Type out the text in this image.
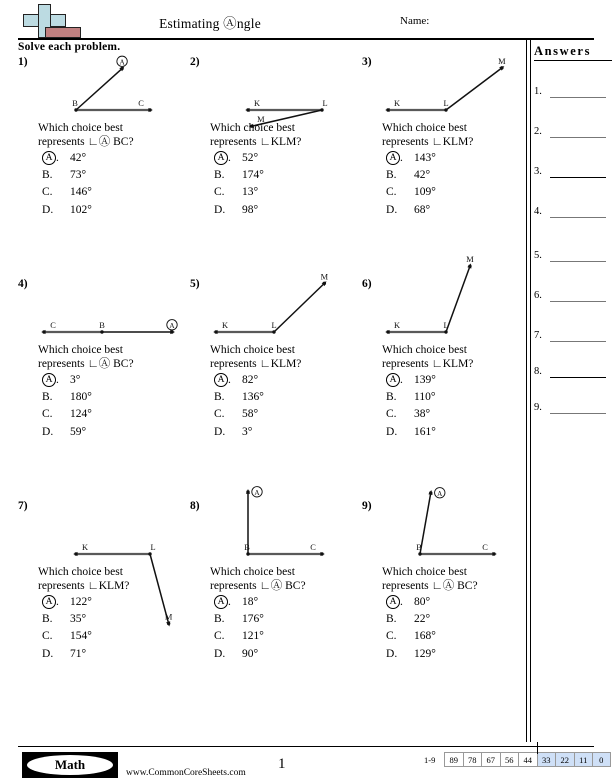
Estimating Ⓐngle	Name:
Solve each problem.
1)
B	C
A
Which choice best
represents ∟Ⓐ BC?
A . 42°
B. 73°
C. 146°
D. 102°
2)
L
K
M
Which choice best
represents ∟KLM?
A . 52°
B. 174°
C. 13°
D. 98°
3)
L
K
M
Which choice best
represents ∟KLM?
A . 143°
B. 42°
C. 109°
D. 68°
4)
B
C	A
Which choice best
represents ∟Ⓐ BC?
A . 3°
B. 180°
C. 124°
D. 59°
5)
L
K
M
Which choice best
represents ∟KLM?
A . 82°
B. 136°
C. 58°
D. 3°
6)
L
K
M
Which choice best
represents ∟KLM?
A . 139°
B. 110°
C. 38°
D. 161°
7)
L
K
M
Which choice best
represents ∟KLM?
A . 122°
B. 35°
C. 154°
D. 71°
8)
B	C
A
Which choice best
represents ∟Ⓐ BC?
A . 18°
B. 176°
C. 121°
D. 90°
9)
B	C
A
Which choice best
represents ∟Ⓐ BC?
A . 80°
B. 22°
C. 168°
D. 129°
Answers
1.
2.
3.
4.
5.
6.
7.
8.
9.
Math
www.CommonCoreSheets.com
1	1-9	89	78	67	56	44	33	22	11	0
